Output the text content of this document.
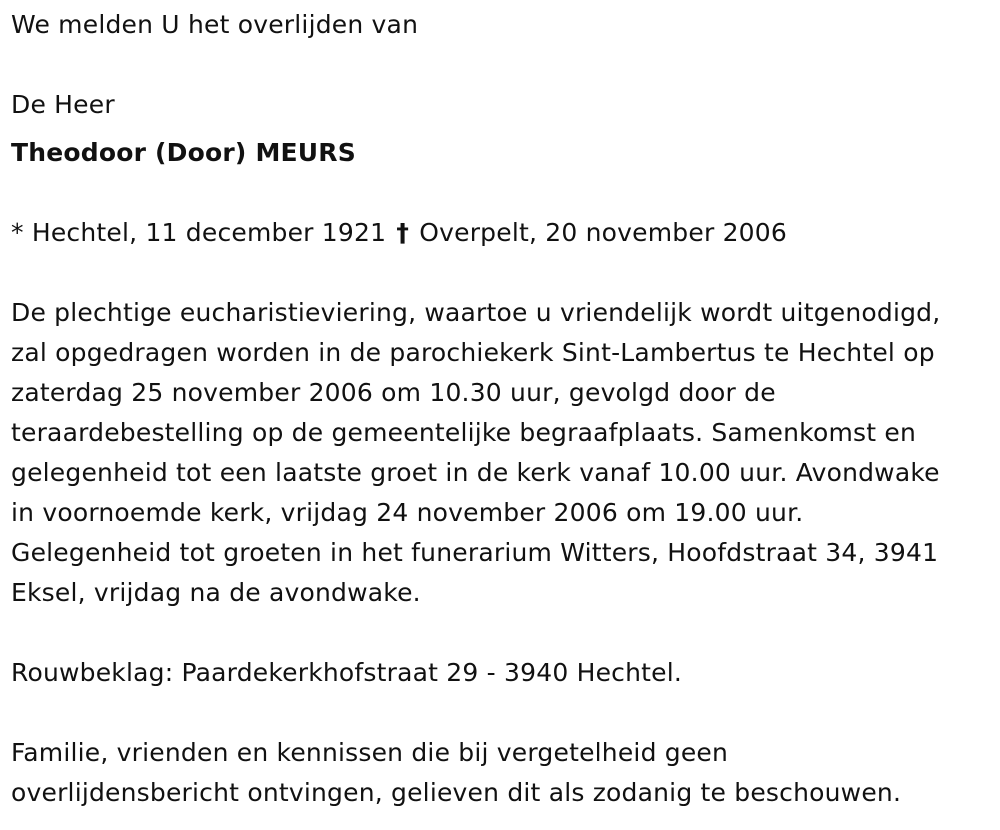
We melden U het overlijden van
De Heer
Theodoor (Door) MEURS
* Hechtel, 11 december 1921 † Overpelt, 20 november 2006
De plechtige eucharistieviering, waartoe u vriendelijk wordt uitgenodigd,
zal opgedragen worden in de parochiekerk Sint-Lambertus te Hechtel op
zaterdag 25 november 2006 om 10.30 uur, gevolgd door de
teraardebestelling op de gemeentelijke begraafplaats. Samenkomst en
gelegenheid tot een laatste groet in de kerk vanaf 10.00 uur. Avondwake
in voornoemde kerk, vrijdag 24 november 2006 om 19.00 uur.
Gelegenheid tot groeten in het funerarium Witters, Hoofdstraat 34, 3941
Eksel, vrijdag na de avondwake.
Rouwbeklag: Paardekerkhofstraat 29 - 3940 Hechtel.
Familie, vrienden en kennissen die bij vergetelheid geen
overlijdensbericht ontvingen, gelieven dit als zodanig te beschouwen.
